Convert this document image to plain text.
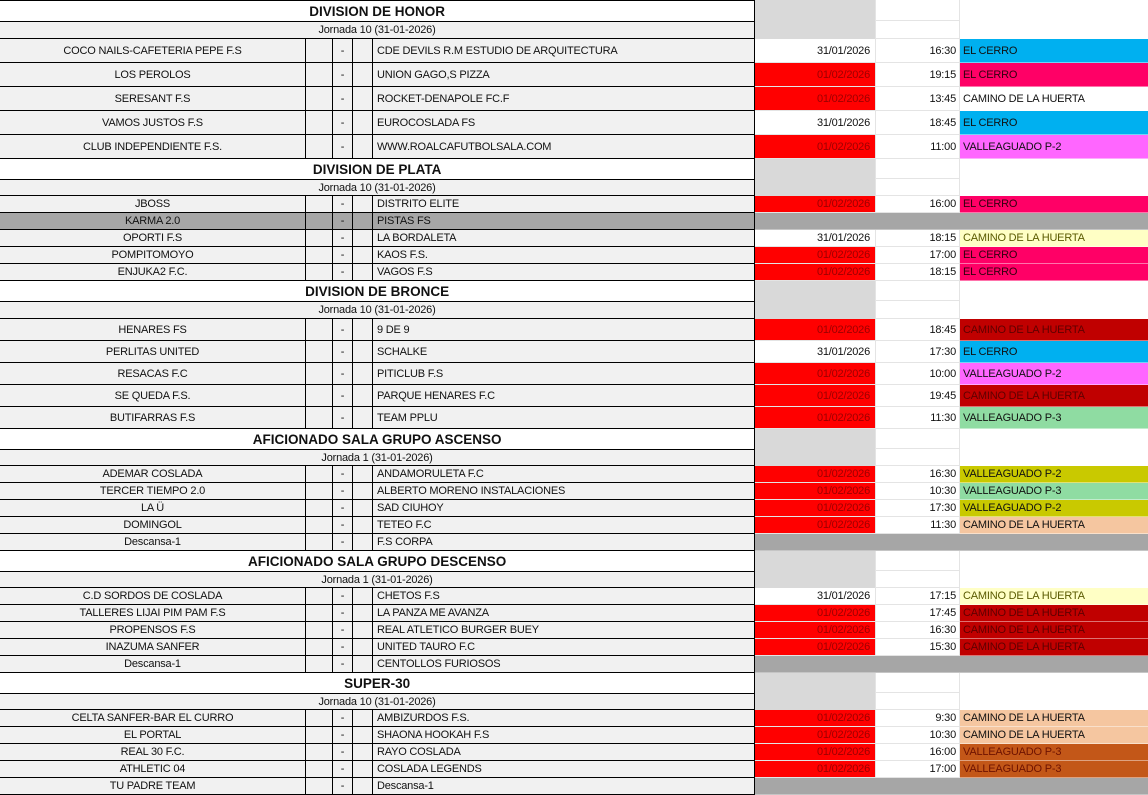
DIVISION DE HONOR
Jornada 10 (31-01-2026)
COCO NAILS-CAFETERIA PEPE F.S	-	CDE DEVILS R.M ESTUDIO DE ARQUITECTURA	31/01/2026	16:30 EL CERRO
LOS PEROLOS	-	UNION GAGO,S PIZZA	01/02/2026	19:15 EL CERRO
SERESANT F.S	-	ROCKET-DENAPOLE FC.F	01/02/2026	13:45 CAMINO DE LA HUERTA
VAMOS JUSTOS F.S	-	EUROCOSLADA FS	31/01/2026	18:45 EL CERRO
CLUB INDEPENDIENTE F.S.	-	WWW.ROALCAFUTBOLSALA.COM	01/02/2026	11:00 VALLEAGUADO P-2
DIVISION DE PLATA
Jornada 10 (31-01-2026)
JBOSS	-	DISTRITO ELITE	01/02/2026	16:00 EL CERRO
KARMA 2.0	-	PISTAS FS
OPORTI F.S	-	LA BORDALETA	31/01/2026	18:15 CAMINO DE LA HUERTA
POMPITOMOYO	-	KAOS F.S.	01/02/2026	17:00 EL CERRO
ENJUKA2 F.C.	-	VAGOS F.S	01/02/2026	18:15 EL CERRO
DIVISION DE BRONCE
Jornada 10 (31-01-2026)
HENARES FS	-	9 DE 9	01/02/2026	18:45 CAMINO DE LA HUERTA
PERLITAS UNITED	-	SCHALKE	31/01/2026	17:30 EL CERRO
RESACAS F.C	-	PITICLUB F.S	01/02/2026	10:00 VALLEAGUADO P-2
SE QUEDA F.S.	-	PARQUE HENARES F.C	01/02/2026	19:45 CAMINO DE LA HUERTA
BUTIFARRAS F.S	-	TEAM PPLU	01/02/2026	11:30 VALLEAGUADO P-3
AFICIONADO SALA GRUPO ASCENSO
Jornada 1 (31-01-2026)
ADEMAR COSLADA	-	ANDAMORULETA F.C	01/02/2026	16:30 VALLEAGUADO P-2
TERCER TIEMPO 2.0	-	ALBERTO MORENO INSTALACIONES	01/02/2026	10:30 VALLEAGUADO P-3
LA Ü	-	SAD CIUHOY	01/02/2026	17:30 VALLEAGUADO P-2
DOMINGOL	-	TETEO F.C	01/02/2026	11:30 CAMINO DE LA HUERTA
Descansa-1	-	F.S CORPA
AFICIONADO SALA GRUPO DESCENSO
Jornada 1 (31-01-2026)
C.D SORDOS DE COSLADA	-	CHETOS F.S	31/01/2026	17:15 CAMINO DE LA HUERTA
TALLERES LIJAI PIM PAM F.S	-	LA PANZA ME AVANZA	01/02/2026	17:45 CAMINO DE LA HUERTA
PROPENSOS F.S	-	REAL ATLETICO BURGER BUEY	01/02/2026	16:30 CAMINO DE LA HUERTA
INAZUMA SANFER	-	UNITED TAURO F.C	01/02/2026	15:30 CAMINO DE LA HUERTA
Descansa-1	-	CENTOLLOS FURIOSOS
SUPER-30
Jornada 10 (31-01-2026)
CELTA SANFER-BAR EL CURRO	-	AMBIZURDOS F.S.	01/02/2026	9:30 CAMINO DE LA HUERTA
EL PORTAL	-	SHAONA HOOKAH F.S	01/02/2026	10:30 CAMINO DE LA HUERTA
REAL 30 F.C.	-	RAYO COSLADA	01/02/2026	16:00 VALLEAGUADO P-3
ATHLETIC 04	-	COSLADA LEGENDS	01/02/2026	17:00 VALLEAGUADO P-3
TU PADRE TEAM	-	Descansa-1
